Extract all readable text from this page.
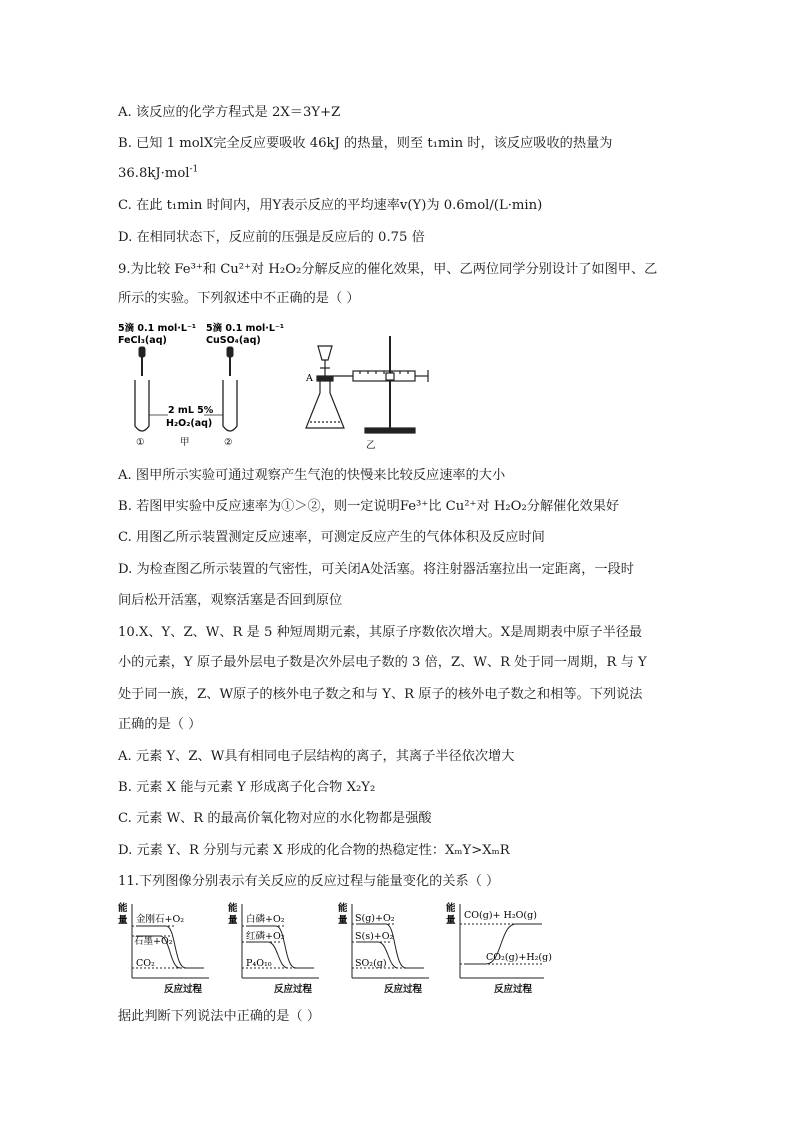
A. 该反应的化学方程式是 2X＝3Y+Z
B. 已知 1 molX完全反应要吸收 46kJ 的热量，则至 t₁min 时，该反应吸收的热量为
36.8kJ·mol$^{-1}$
C. 在此 t₁min 时间内，用Y表示反应的平均速率v(Y)为 0.6mol/(L·min)
D. 在相同状态下，反应前的压强是反应后的 0.75 倍
9.为比较 Fe³⁺和 Cu²⁺对 H₂O₂分解反应的催化效果，甲、乙两位同学分别设计了如图甲、乙
所示的实验。下列叙述中不正确的是（ ）
5滴 0.1 mol·L⁻¹
FeCl₃(aq)
5滴 0.1 mol·L⁻¹
CuSO₄(aq)
2 mL 5%
H₂O₂(aq)
①	甲	②
A
乙
A. 图甲所示实验可通过观察产生气泡的快慢来比较反应速率的大小
B. 若图甲实验中反应速率为①＞②，则一定说明Fe³⁺比 Cu²⁺对 H₂O₂分解催化效果好
C. 用图乙所示装置测定反应速率，可测定反应产生的气体体积及反应时间
D. 为检查图乙所示装置的气密性，可关闭A处活塞。将注射器活塞拉出一定距离，一段时
间后松开活塞，观察活塞是否回到原位
10.X、Y、Z、W、R 是 5 种短周期元素，其原子序数依次增大。X是周期表中原子半径最
小的元素，Y 原子最外层电子数是次外层电子数的 3 倍，Z、W、R 处于同一周期，R 与 Y
处于同一族，Z、W原子的核外电子数之和与 Y、R 原子的核外电子数之和相等。下列说法
正确的是（ ）
A. 元素 Y、Z、W具有相同电子层结构的离子，其离子半径依次增大
B. 元素 X 能与元素 Y 形成离子化合物 X₂Y₂
C. 元素 W、R 的最高价氧化物对应的水化物都是强酸
D. 元素 Y、R 分别与元素 X 形成的化合物的热稳定性：XₘY>XₘR
11.下列图像分别表示有关反应的反应过程与能量变化的关系（ ）
能
量 金刚石+O₂
石墨+O₂
CO₂
反应过程
能
量 白磷+O₂
红磷+O₂
P₄O₁₀
反应过程
能
量 S(g)+O₂
S(s)+O₂
SO₂(g)
反应过程
能
量 CO(g)+ H₂O(g)
CO₂(g)+H₂(g)
反应过程
据此判断下列说法中正确的是（ ）
